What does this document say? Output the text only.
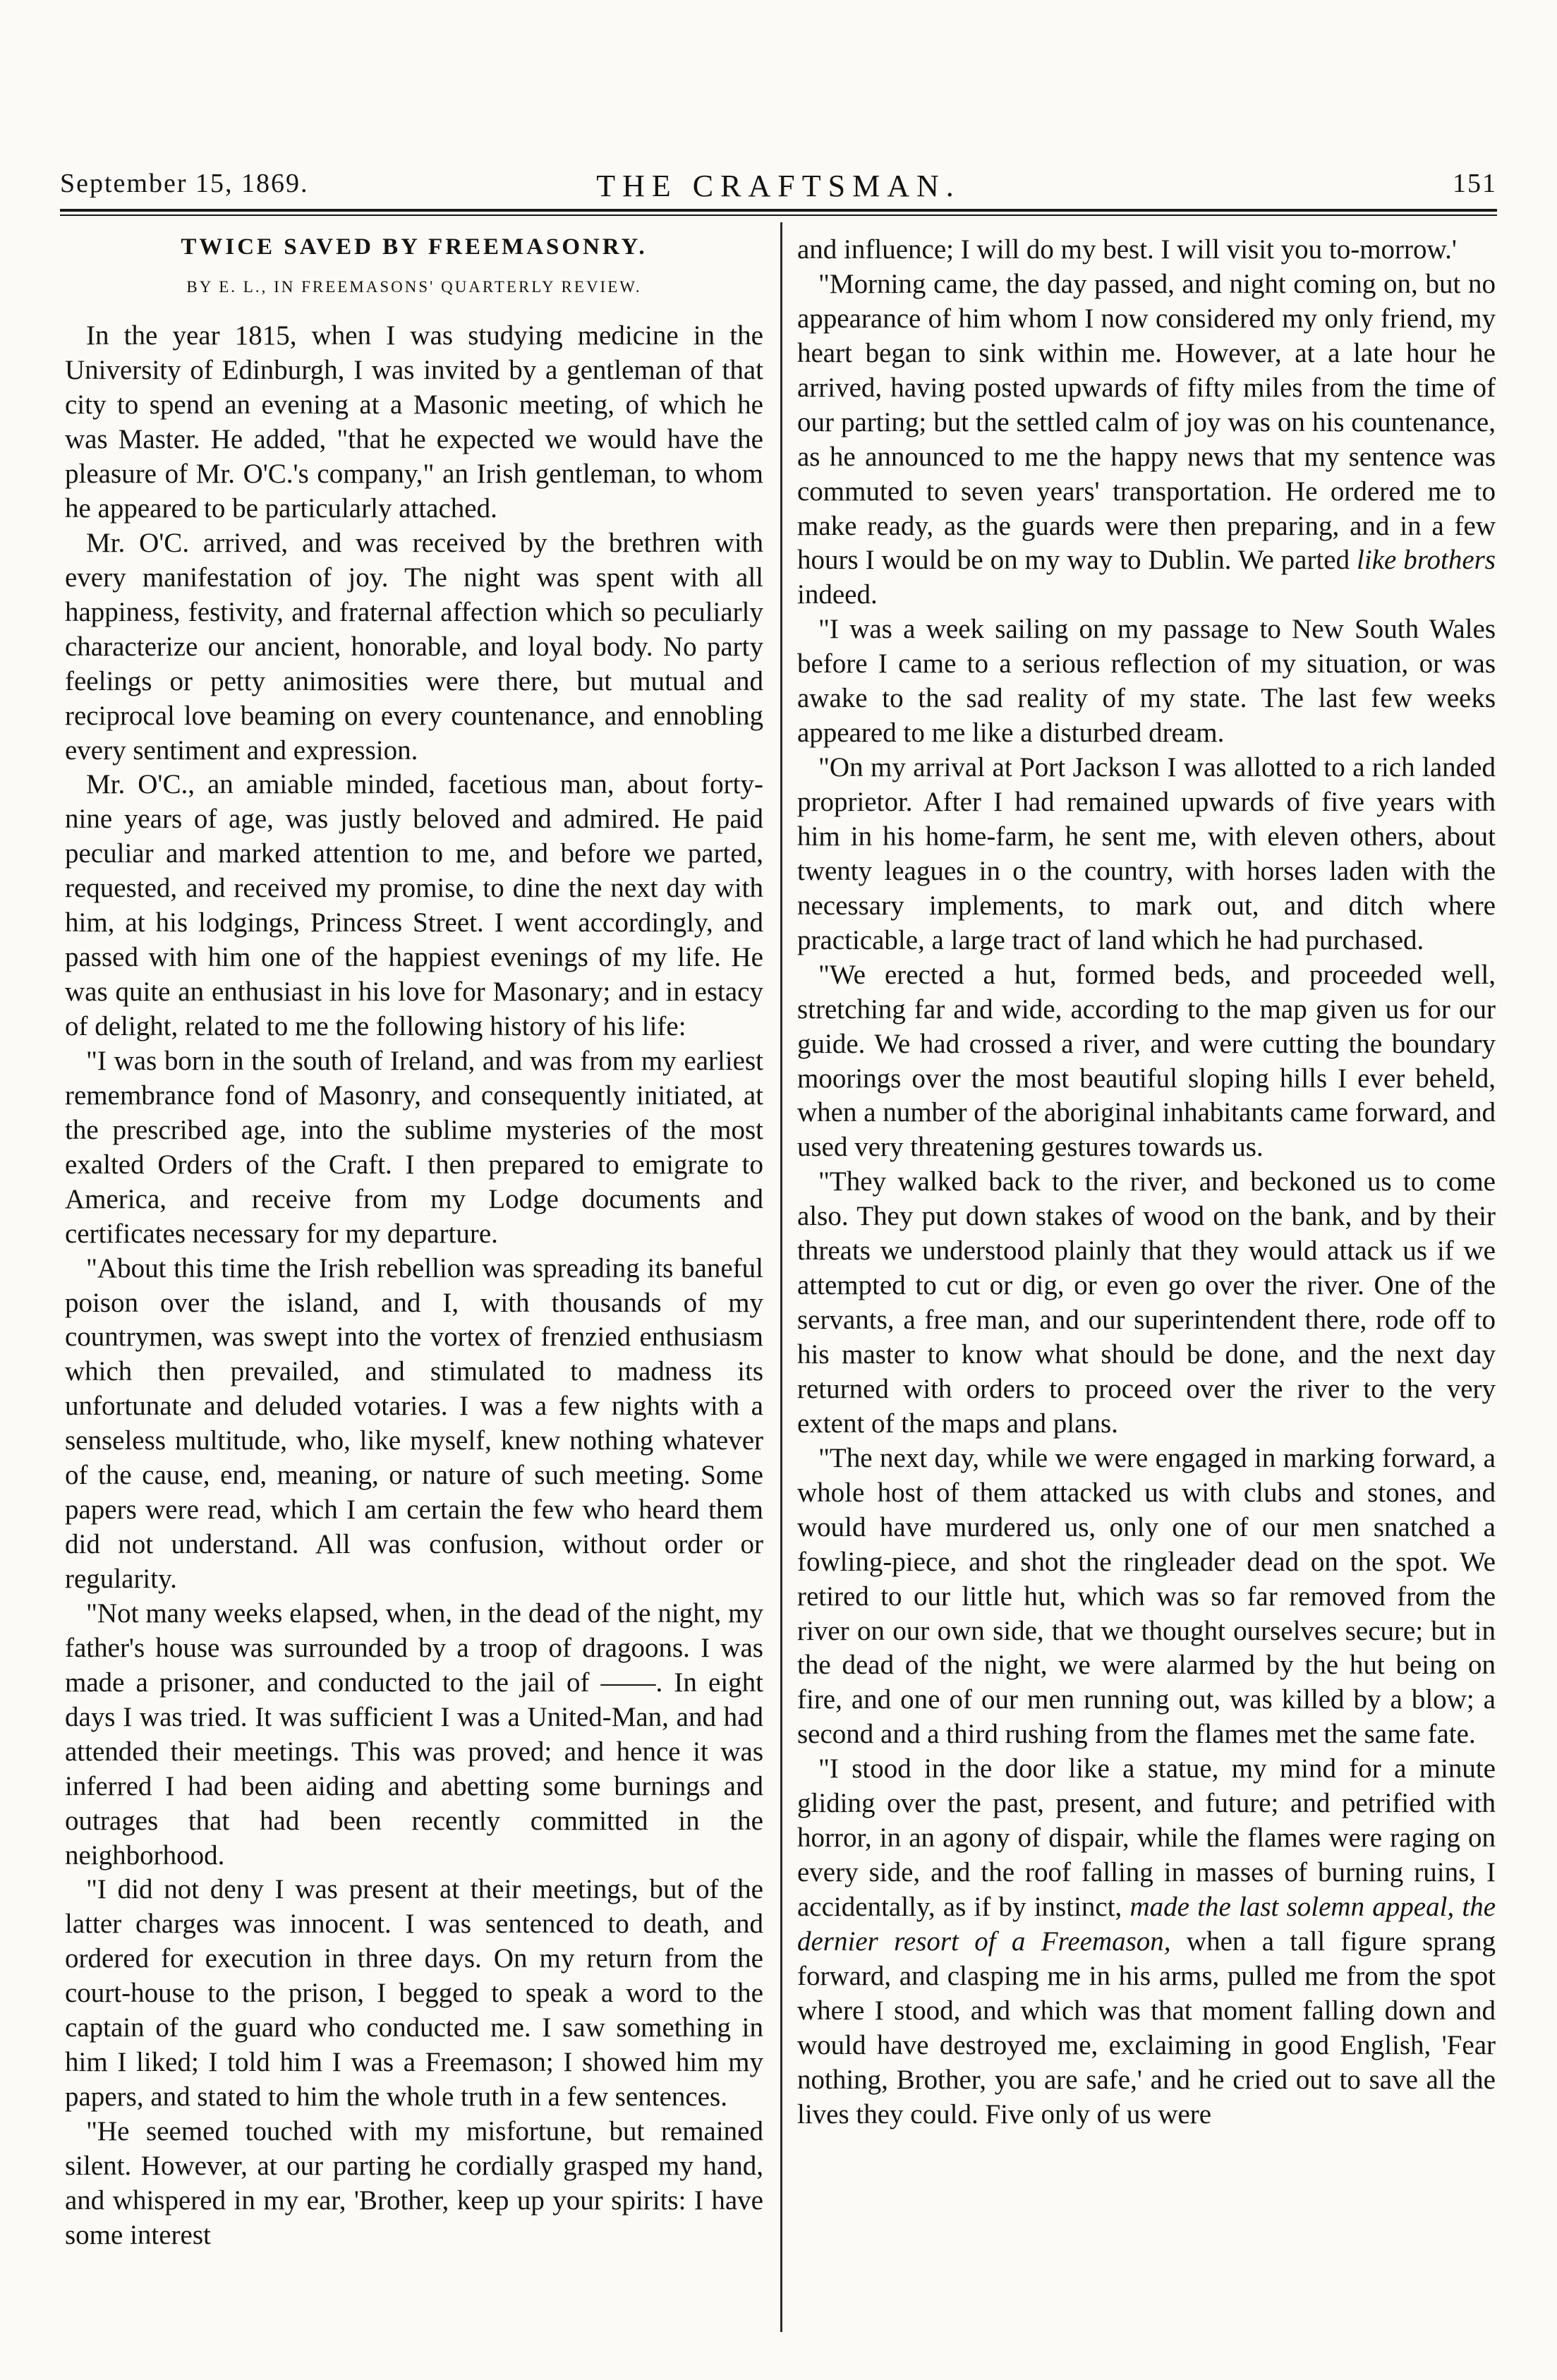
September 15, 1869.	THE CRAFTSMAN.	151
TWICE SAVED BY FREEMASONRY.
BY E. L., IN FREEMASONS' QUARTERLY REVIEW.

In the year 1815, when I was studying medicine in the University of Edinburgh, I was invited by a gentleman of that city to spend an evening at a Masonic meeting, of which he was Master. He added, "that he expected we would have the pleasure of Mr. O'C.'s company," an Irish gentleman, to whom he appeared to be particularly attached.

Mr. O'C. arrived, and was received by the brethren with every manifestation of joy. The night was spent with all happiness, festivity, and fraternal affection which so peculiarly characterize our ancient, honorable, and loyal body. No party feelings or petty animosities were there, but mutual and reciprocal love beaming on every countenance, and ennobling every sentiment and expression.

Mr. O'C., an amiable minded, facetious man, about forty-nine years of age, was justly beloved and admired. He paid peculiar and marked attention to me, and before we parted, requested, and received my promise, to dine the next day with him, at his lodgings, Princess Street. I went accordingly, and passed with him one of the happiest evenings of my life. He was quite an enthusiast in his love for Masonary; and in estacy of delight, related to me the following history of his life:

"I was born in the south of Ireland, and was from my earliest remembrance fond of Masonry, and consequently initiated, at the prescribed age, into the sublime mysteries of the most exalted Orders of the Craft. I then prepared to emigrate to America, and receive from my Lodge documents and certificates necessary for my departure.

"About this time the Irish rebellion was spreading its baneful poison over the island, and I, with thousands of my countrymen, was swept into the vortex of frenzied enthusiasm which then prevailed, and stimulated to madness its unfortunate and deluded votaries. I was a few nights with a senseless multitude, who, like myself, knew nothing whatever of the cause, end, meaning, or nature of such meeting. Some papers were read, which I am certain the few who heard them did not understand. All was confusion, without order or regularity.

"Not many weeks elapsed, when, in the dead of the night, my father's house was surrounded by a troop of dragoons. I was made a prisoner, and conducted to the jail of ——. In eight days I was tried. It was sufficient I was a United-Man, and had attended their meetings. This was proved; and hence it was inferred I had been aiding and abetting some burnings and outrages that had been recently committed in the neighborhood.

"I did not deny I was present at their meetings, but of the latter charges was innocent. I was sentenced to death, and ordered for execution in three days. On my return from the court-house to the prison, I begged to speak a word to the captain of the guard who conducted me. I saw something in him I liked; I told him I was a Freemason; I showed him my papers, and stated to him the whole truth in a few sentences.

"He seemed touched with my misfortune, but remained silent. However, at our parting he cordially grasped my hand, and whispered in my ear, 'Brother, keep up your spirits: I have some interest

and influence; I will do my best. I will visit you to-morrow.'

"Morning came, the day passed, and night coming on, but no appearance of him whom I now considered my only friend, my heart began to sink within me. However, at a late hour he arrived, having posted upwards of fifty miles from the time of our parting; but the settled calm of joy was on his countenance, as he announced to me the happy news that my sentence was commuted to seven years' transportation. He ordered me to make ready, as the guards were then preparing, and in a few hours I would be on my way to Dublin. We parted like brothers indeed.

"I was a week sailing on my passage to New South Wales before I came to a serious reflection of my situation, or was awake to the sad reality of my state. The last few weeks appeared to me like a disturbed dream.

"On my arrival at Port Jackson I was allotted to a rich landed proprietor. After I had remained upwards of five years with him in his home-farm, he sent me, with eleven others, about twenty leagues in o the country, with horses laden with the necessary implements, to mark out, and ditch where practicable, a large tract of land which he had purchased.

"We erected a hut, formed beds, and proceeded well, stretching far and wide, according to the map given us for our guide. We had crossed a river, and were cutting the boundary moorings over the most beautiful sloping hills I ever beheld, when a number of the aboriginal inhabitants came forward, and used very threatening gestures towards us.

"They walked back to the river, and beckoned us to come also. They put down stakes of wood on the bank, and by their threats we understood plainly that they would attack us if we attempted to cut or dig, or even go over the river. One of the servants, a free man, and our superintendent there, rode off to his master to know what should be done, and the next day returned with orders to proceed over the river to the very extent of the maps and plans.

"The next day, while we were engaged in marking forward, a whole host of them attacked us with clubs and stones, and would have murdered us, only one of our men snatched a fowling-piece, and shot the ringleader dead on the spot. We retired to our little hut, which was so far removed from the river on our own side, that we thought ourselves secure; but in the dead of the night, we were alarmed by the hut being on fire, and one of our men running out, was killed by a blow; a second and a third rushing from the flames met the same fate.

"I stood in the door like a statue, my mind for a minute gliding over the past, present, and future; and petrified with horror, in an agony of dispair, while the flames were raging on every side, and the roof falling in masses of burning ruins, I accidentally, as if by instinct, made the last solemn appeal, the dernier resort of a Freemason, when a tall figure sprang forward, and clasping me in his arms, pulled me from the spot where I stood, and which was that moment falling down and would have destroyed me, exclaiming in good English, 'Fear nothing, Brother, you are safe,' and he cried out to save all the lives they could. Five only of us were
